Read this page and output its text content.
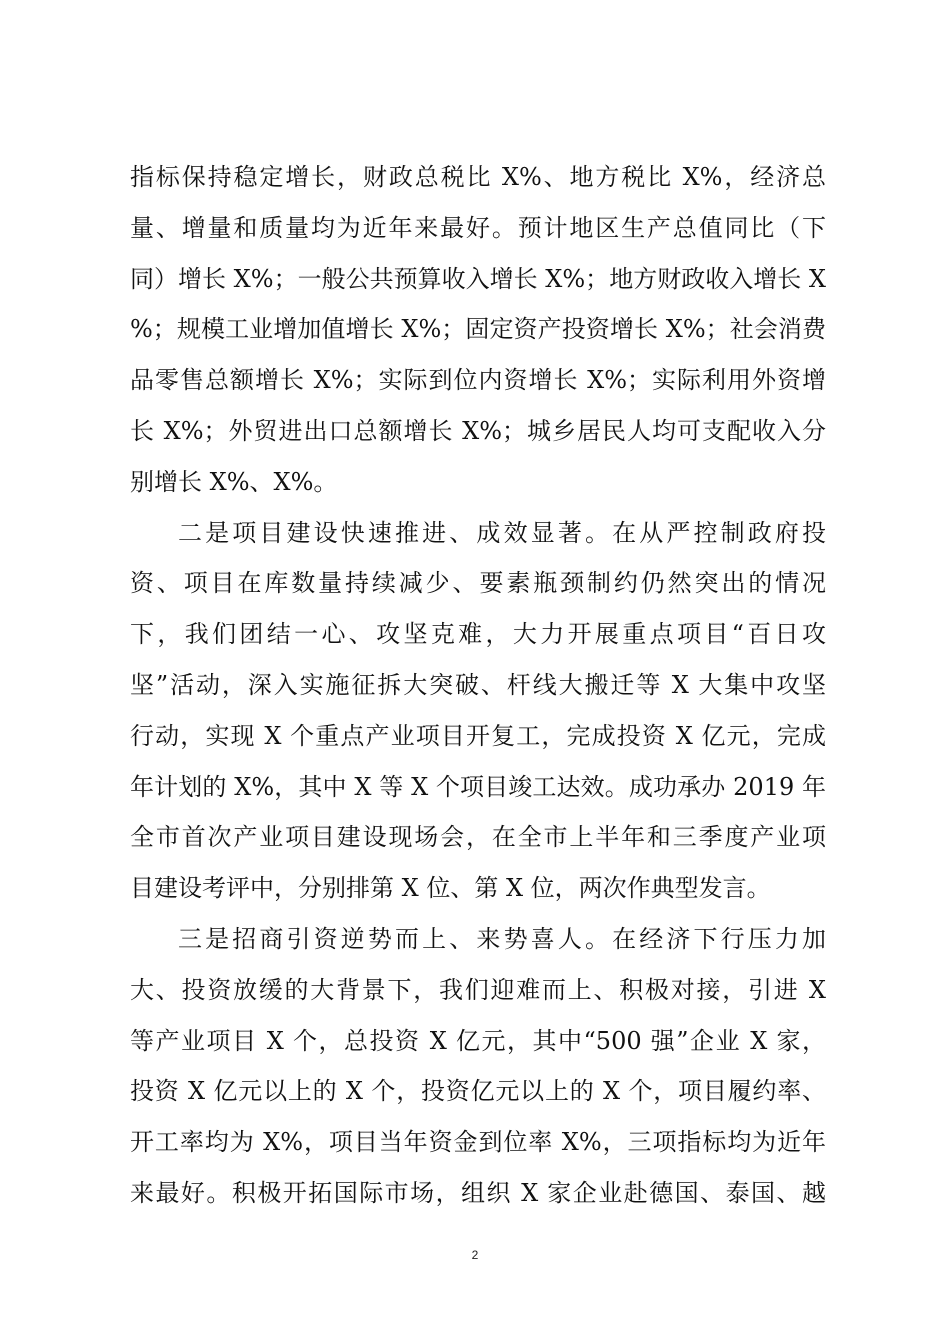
指标保持稳定增长，财政总税比 X%、地方税比 X%，经济总
量、增量和质量均为近年来最好。预计地区生产总值同比（下
同）增长 X%；一般公共预算收入增长 X%；地方财政收入增长 X
%；规模工业增加值增长 X%；固定资产投资增长 X%；社会消费
品零售总额增长 X%；实际到位内资增长 X%；实际利用外资增
长 X%；外贸进出口总额增长 X%；城乡居民人均可支配收入分
别增长 X%、X%。
二是项目建设快速推进、成效显著。在从严控制政府投
资、项目在库数量持续减少、要素瓶颈制约仍然突出的情况
下，我们团结一心、攻坚克难，大力开展重点项目“百日攻
坚”活动，深入实施征拆大突破、杆线大搬迁等 X 大集中攻坚
行动，实现 X 个重点产业项目开复工，完成投资 X 亿元，完成
年计划的 X%，其中 X 等 X 个项目竣工达效。成功承办 2019 年
全市首次产业项目建设现场会，在全市上半年和三季度产业项
目建设考评中，分别排第 X 位、第 X 位，两次作典型发言。
三是招商引资逆势而上、来势喜人。在经济下行压力加
大、投资放缓的大背景下，我们迎难而上、积极对接，引进 X
等产业项目 X 个，总投资 X 亿元，其中“500 强”企业 X 家，
投资 X 亿元以上的 X 个，投资亿元以上的 X 个，项目履约率、
开工率均为 X%，项目当年资金到位率 X%，三项指标均为近年
来最好。积极开拓国际市场，组织 X 家企业赴德国、泰国、越
2
